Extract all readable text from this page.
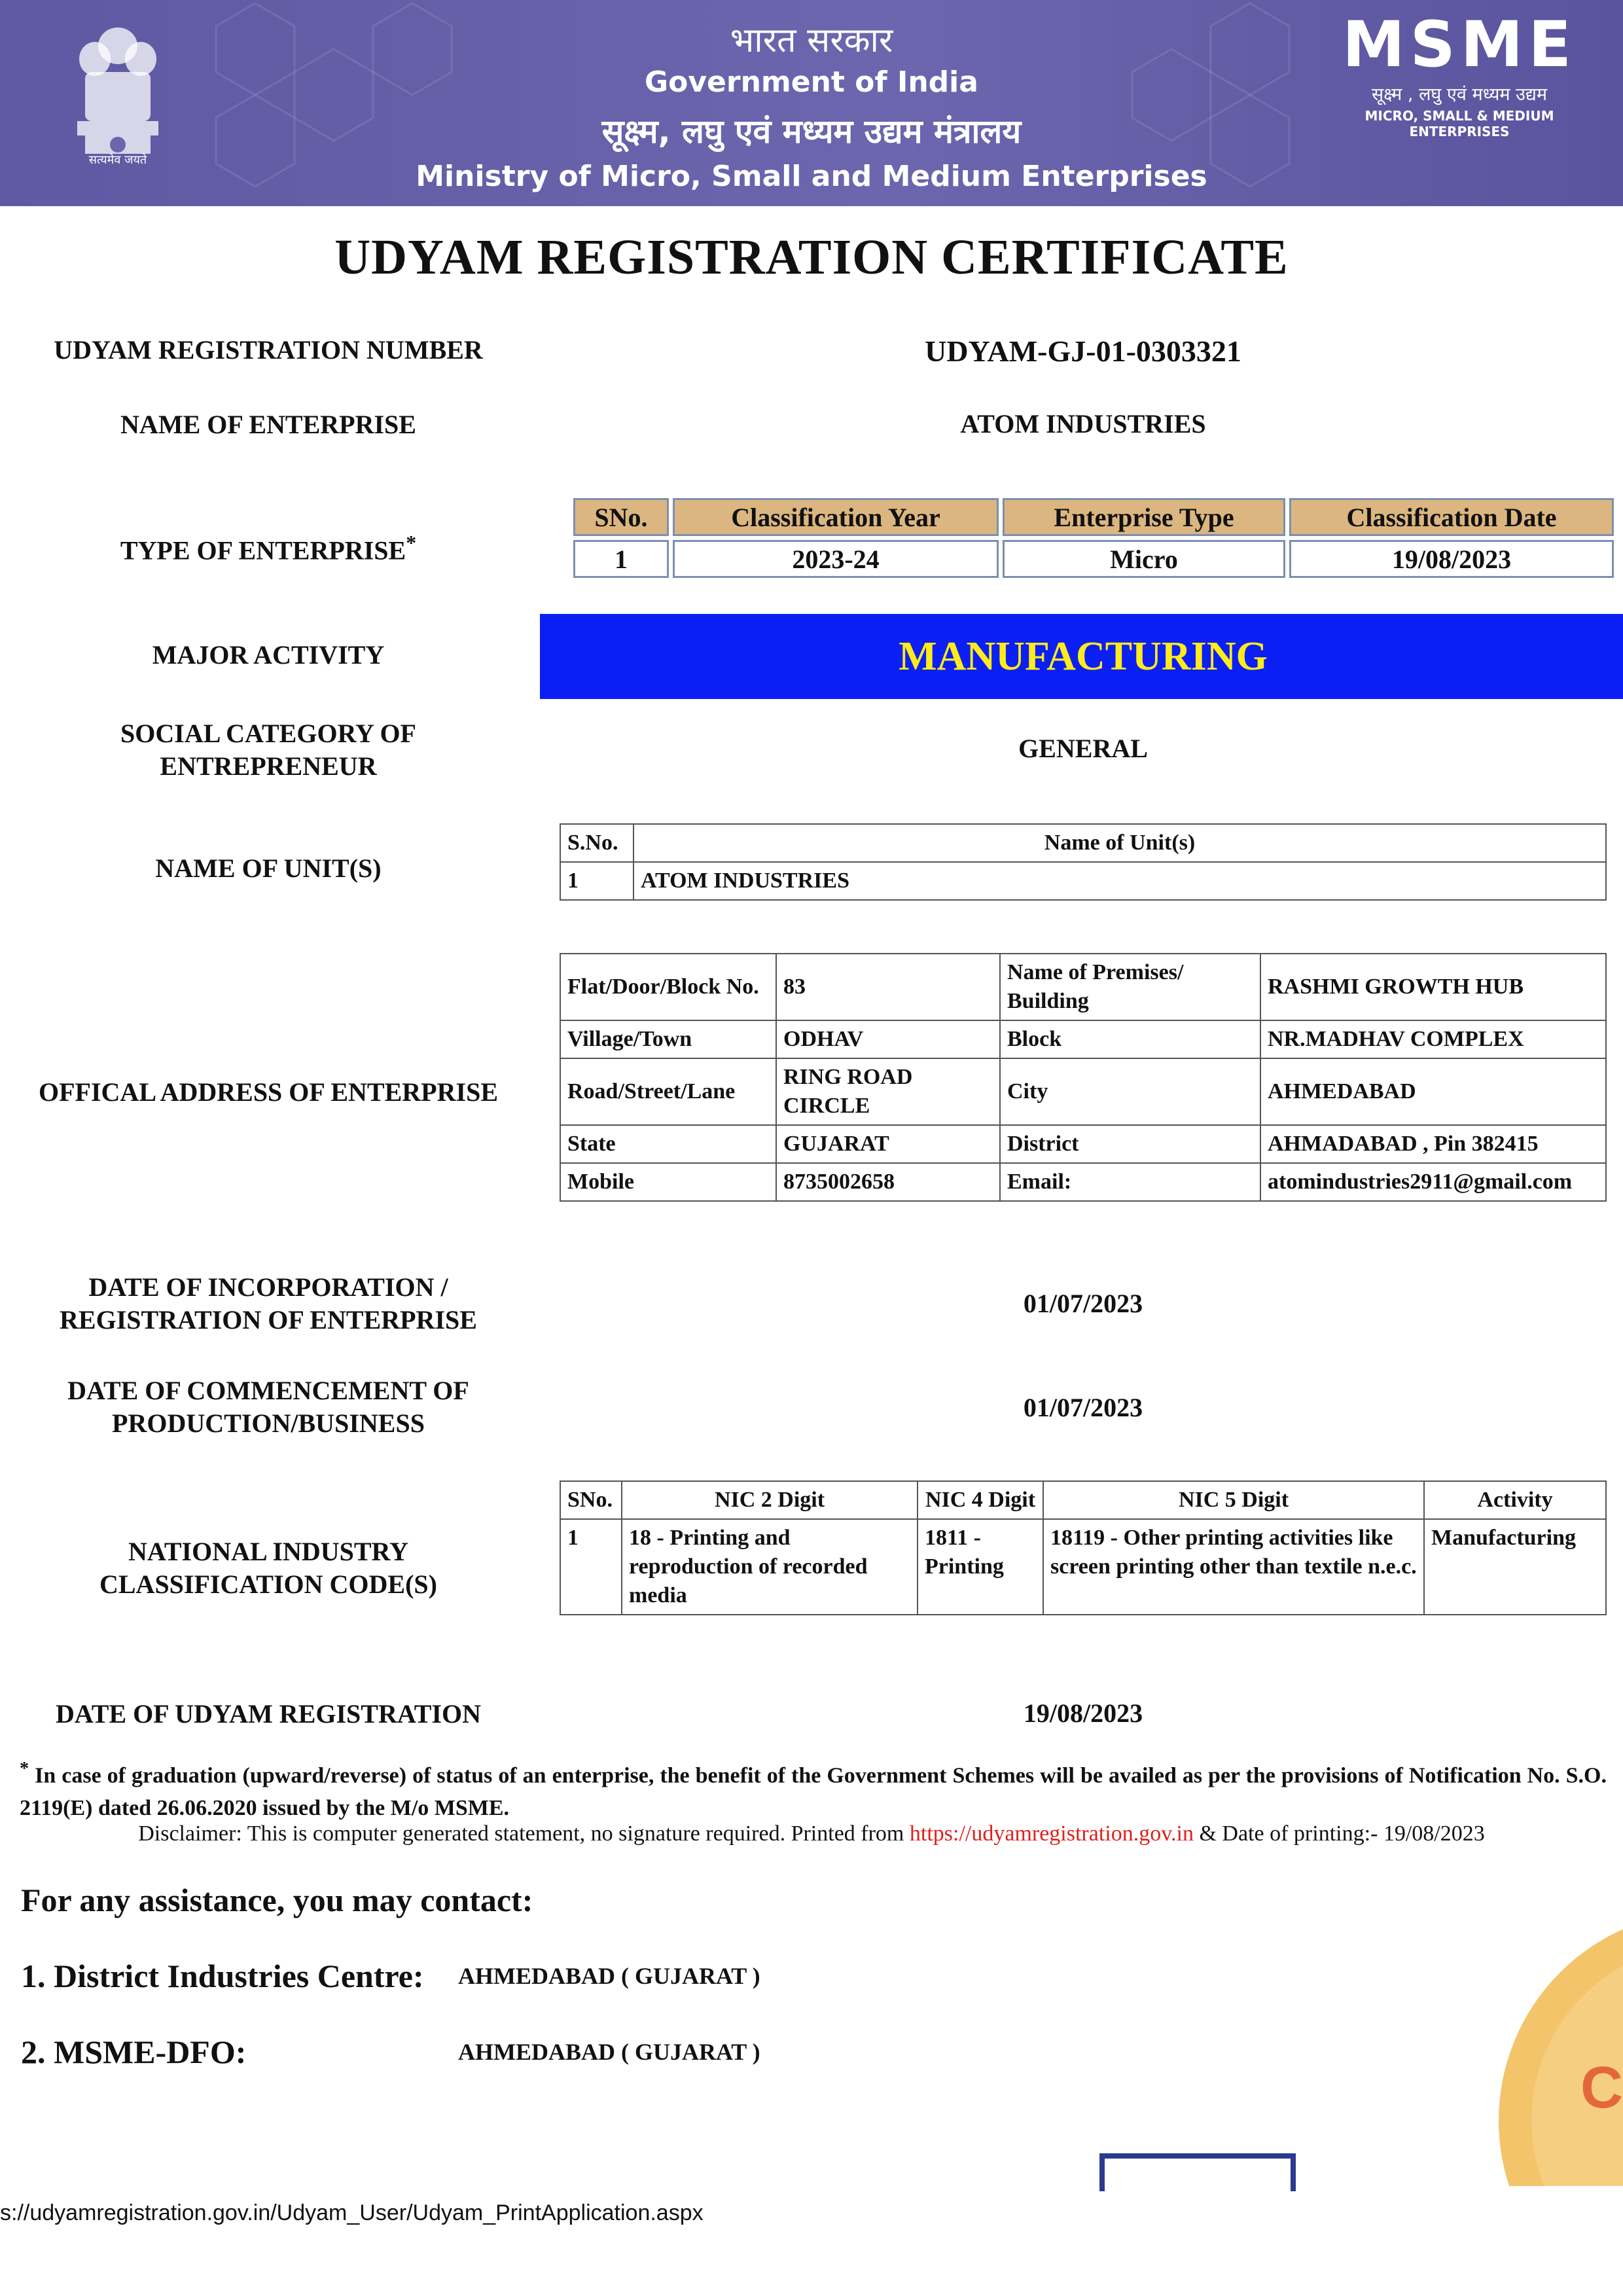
सत्यमेव जयते
भारत सरकार
Government of India
सूक्ष्म, लघु एवं मध्यम उद्यम मंत्रालय
Ministry of Micro, Small and Medium Enterprises
MSME
सूक्ष्म , लघु एवं मध्यम उद्यम
MICRO, SMALL & MEDIUM ENTERPRISES
UDYAM REGISTRATION CERTIFICATE
UDYAM REGISTRATION NUMBER	UDYAM-GJ-01-0303321
NAME OF ENTERPRISE	ATOM INDUSTRIES
TYPE OF ENTERPRISE*
SNo.	Classification Year	Enterprise Type	Classification Date
1	2023-24	Micro	19/08/2023
MAJOR ACTIVITY	MANUFACTURING
SOCIAL CATEGORY OF
ENTREPRENEUR
GENERAL
NAME OF UNIT(S)
S.No.	Name of Unit(s)
1	ATOM INDUSTRIES
OFFICAL ADDRESS OF ENTERPRISE
Flat/Door/Block No.	83	Name of Premises/ Building	RASHMI GROWTH HUB
Village/Town	ODHAV	Block	NR.MADHAV COMPLEX
Road/Street/Lane	RING ROAD CIRCLE	City	AHMEDABAD
State	GUJARAT	District	AHMADABAD , Pin 382415
Mobile	8735002658	Email:	atomindustries2911@gmail.com
DATE OF INCORPORATION /
REGISTRATION OF ENTERPRISE
01/07/2023
DATE OF COMMENCEMENT OF
PRODUCTION/BUSINESS
01/07/2023
NATIONAL INDUSTRY
CLASSIFICATION CODE(S)
SNo.	NIC 2 Digit	NIC 4 Digit	NIC 5 Digit	Activity
1	18 - Printing and reproduction of recorded media	1811 - Printing	18119 - Other printing activities like screen printing other than textile n.e.c.	Manufacturing
DATE OF UDYAM REGISTRATION	19/08/2023
* In case of graduation (upward/reverse) of status of an enterprise, the benefit of the Government Schemes will be availed as per the provisions of Notification No. S.O. 2119(E) dated 26.06.2020 issued by the M/o MSME.
Disclaimer: This is computer generated statement, no signature required. Printed from https://udyamregistration.gov.in & Date of printing:- 19/08/2023
For any assistance, you may contact:
1. District Industries Centre: AHMEDABAD ( GUJARAT )
2. MSME-DFO:	AHMEDABAD ( GUJARAT )
C
s://udyamregistration.gov.in/Udyam_User/Udyam_PrintApplication.aspx
